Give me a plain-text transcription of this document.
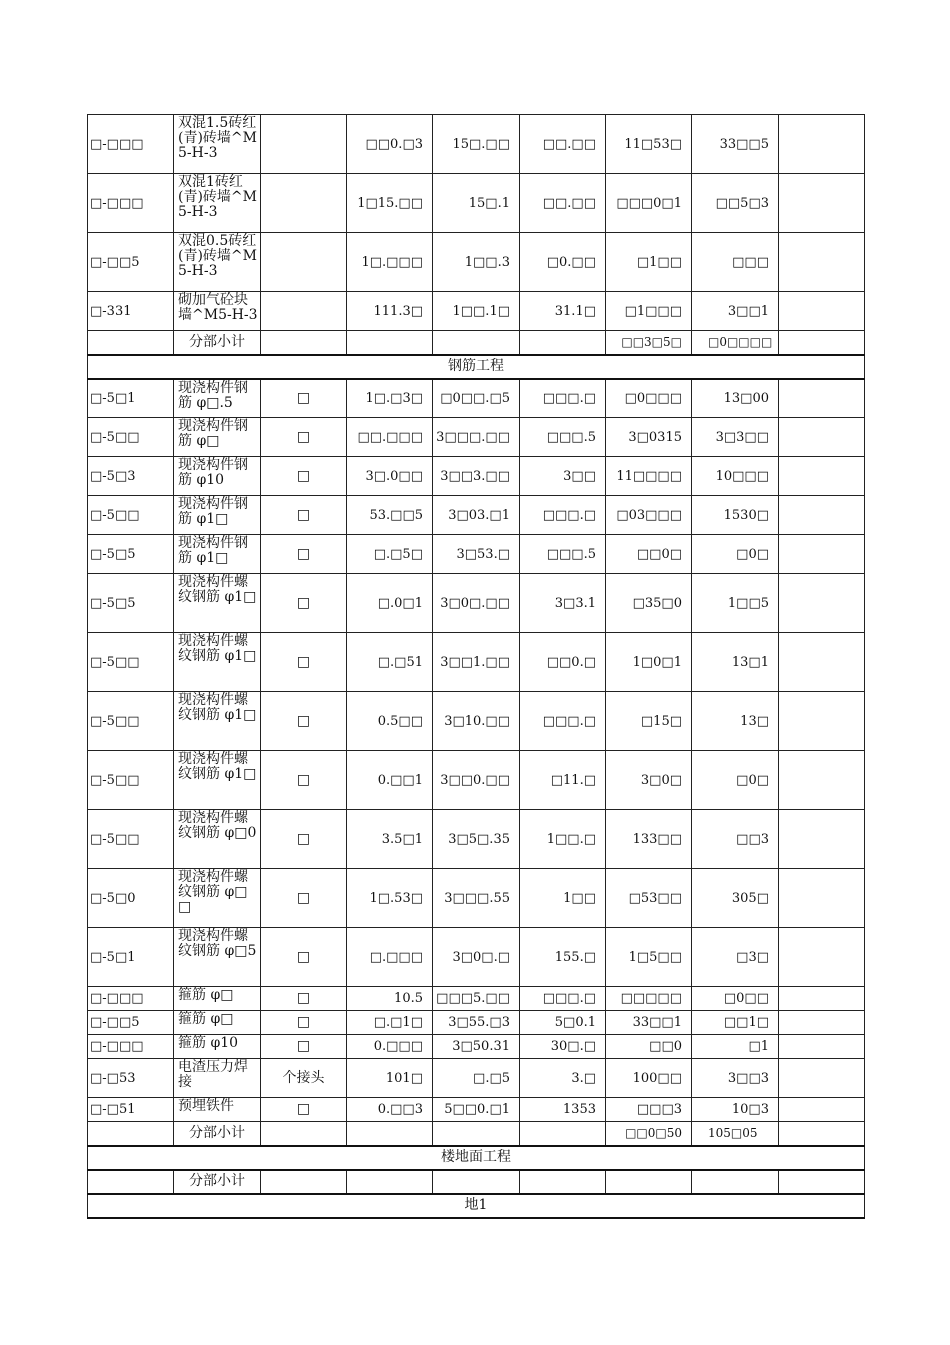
□-□□□	双混1.5砖红(青)砖墙^M5-H-3		□□0.□3	15□.□□	□□.□□	11□53□	33□□5	
□-□□□	双混1砖红(青)砖墙^M5-H-3		1□15.□□	15□.1	□□.□□	□□□0□1	□□5□3	
□-□□5	双混0.5砖红(青)砖墙^M5-H-3		1□.□□□	1□□.3	□0.□□	□1□□	□□□	
□-331	砌加气砼块墙^M5-H-3		111.3□	1□□.1□	31.1□	□1□□□	3□□1	
	分部小计					□□3□5□	□0□□□□	
钢筋工程								
□-5□1	现浇构件钢筋 φ□.5	□	1□.□3□	□0□□.□5	□□□.□	□0□□□	13□00	
□-5□□	现浇构件钢筋 φ□	□	□□.□□□	3□□□.□□	□□□.5	3□0315	3□3□□	
□-5□3	现浇构件钢筋 φ10	□	3□.0□□	3□□3.□□	3□□	11□□□□	10□□□	
□-5□□	现浇构件钢筋 φ1□	□	53.□□5	3□03.□1	□□□.□	□03□□□	1530□	
□-5□5	现浇构件钢筋 φ1□	□	□.□5□	3□53.□	□□□.5	□□0□	□0□	
□-5□5	现浇构件螺纹钢筋 φ1□	□	□.0□1	3□0□.□□	3□3.1	□35□0	1□□5	
□-5□□	现浇构件螺纹钢筋 φ1□	□	□.□51	3□□1.□□	□□0.□	1□0□1	13□1	
□-5□□	现浇构件螺纹钢筋 φ1□	□	0.5□□	3□10.□□	□□□.□	□15□	13□	
□-5□□	现浇构件螺纹钢筋 φ1□	□	0.□□1	3□□0.□□	□11.□	3□0□	□0□	
□-5□□	现浇构件螺纹钢筋 φ□0	□	3.5□1	3□5□.35	1□□.□	133□□	□□3	
□-5□0	现浇构件螺纹钢筋 φ□□	□	1□.53□	3□□□.55	1□□	□53□□	305□	
□-5□1	现浇构件螺纹钢筋 φ□5	□	□.□□□	3□0□.□	155.□	1□5□□	□3□	
□-□□□	箍筋 φ□	□	10.5	□□□5.□□	□□□.□	□□□□□	□0□□	
□-□□5	箍筋 φ□	□	□.□1□	3□55.□3	5□0.1	33□□1	□□1□	
□-□□□	箍筋 φ10	□	0.□□□	3□50.31	30□.□	□□0	□1	
□-□53	电渣压力焊接	个接头	101□	□.□5	3.□	100□□	3□□3	
□-□51	预埋铁件	□	0.□□3	5□□0.□1	1353	□□□3	10□3	
	分部小计					□□0□50	105□05	
楼地面工程								
	分部小计							
地1								
